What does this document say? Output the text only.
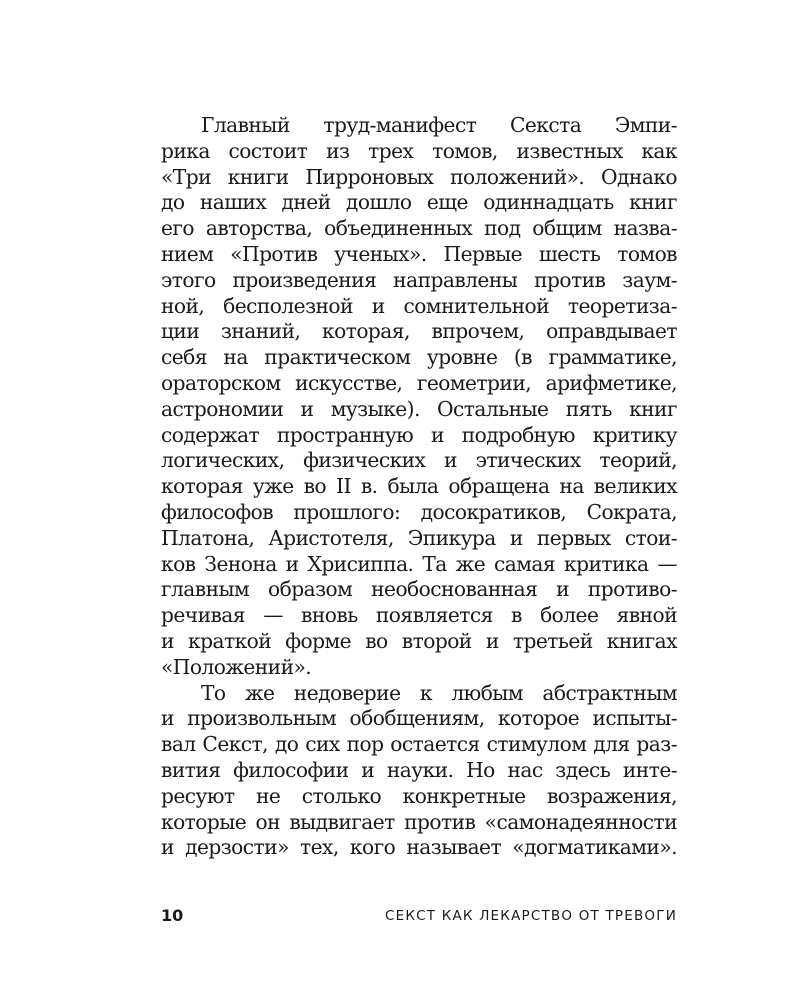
Главный труд-манифест Секста Эмпи-
рика состоит из трех томов, известных как
«Три книги Пирроновых положений». Однако
до наших дней дошло еще одиннадцать книг
его авторства, объединенных под общим назва-
нием «Против ученых». Первые шесть томов
этого произведения направлены против заум-
ной, бесполезной и сомнительной теоретиза-
ции знаний, которая, впрочем, оправдывает
себя на практическом уровне (в грамматике,
ораторском искусстве, геометрии, арифметике,
астрономии и музыке). Остальные пять книг
содержат пространную и подробную критику
логических, физических и этических теорий,
которая уже во II в. была обращена на великих
философов прошлого: досократиков, Сократа,
Платона, Аристотеля, Эпикура и первых стои-
ков Зенона и Хрисиппа. Та же самая критика —
главным образом необоснованная и противо-
речивая — вновь появляется в более явной
и краткой форме во второй и третьей книгах
«Положений».

То же недоверие к любым абстрактным
и произвольным обобщениям, которое испыты-
вал Секст, до сих пор остается стимулом для раз-
вития философии и науки. Но нас здесь инте-
ресуют не столько конкретные возражения,
которые он выдвигает против «самонадеянности
и дерзости» тех, кого называет «догматиками».

10	СЕКСТ КАК ЛЕКАРСТВО ОТ ТРЕВОГИ
